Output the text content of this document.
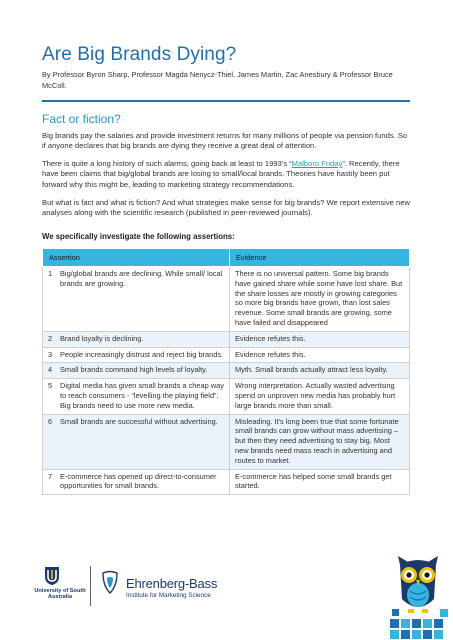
Are Big Brands Dying?
By Professor Byron Sharp, Professor Magda Nenycz-Thiel, James Martin, Zac Anesbury & Professor Bruce McColl.
Fact or fiction?

Big brands pay the salaries and provide investment returns for many millions of people via pension funds. So if anyone declares that big brands are dying they receive a great deal of attention.

There is quite a long history of such alarms, going back at least to 1993's “Malboro Friday”. Recently, there have been claims that big/global brands are losing to small/local brands. Theories have hastily been put forward why this might be, leading to marketing strategy recommendations.

But what is fact and what is fiction? And what strategies make sense for big brands? We report extensive new analyses along with the scientific research (published in peer-reviewed journals).

We specifically investigate the following assertions:
Assertion		Evidence
1	Big/global brands are declining. While small/ local brands are growing.	There is no universal pattern. Some big brands have gained share while some have lost share. But the share losses are mostly in growing categories so more big brands have grown, than lost sales revenue. Some small brands are growing, some have failed and disappeared
2	Brand loyalty is declining.	Evidence refutes this.
3	People increasingly distrust and reject big brands.	Evidence refutes this.
4	Small brands command high levels of loyalty.	Myth. Small brands actually attract less loyalty.
5	Digital media has given small brands a cheap way to reach consumers - “levelling the playing field”. Big brands need to use more new media.	Wrong interpretation. Actually wasted advertising spend on unproven new media has probably hurt large brands more than small.
6	Small brands are successful without advertising.	Misleading. It's long been true that some fortunate small brands can grow without mass advertising – but then they need advertising to stay big. Most new brands need mass reach in advertising and routes to market.
7	E-commerce has opened up direct-to-consumer opportunities for small brands.	E-commerce has helped some small brands get started.
University of South Australia
Ehrenberg-Bass
Institute for Marketing Science
